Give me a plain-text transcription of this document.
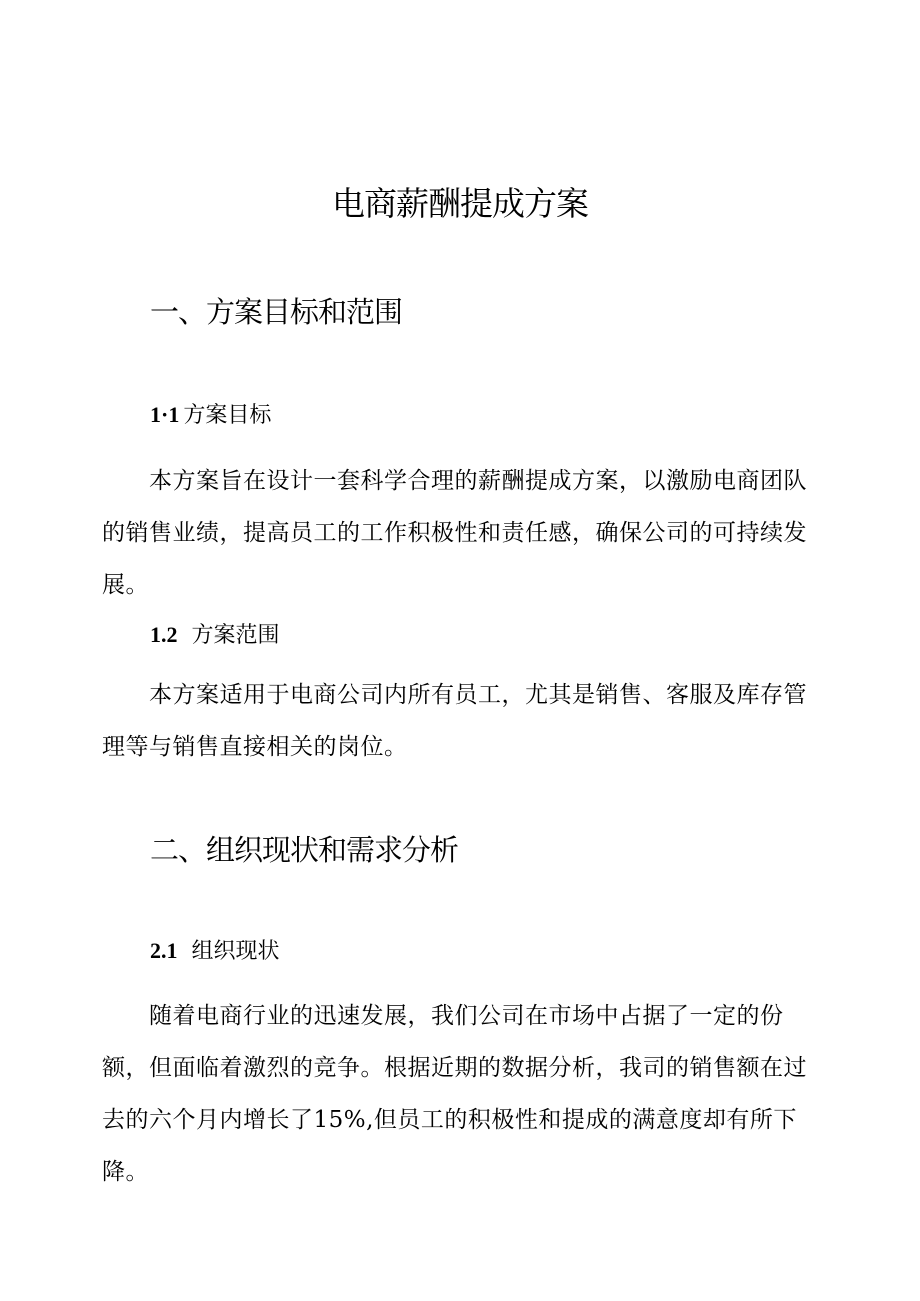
电商薪酬提成方案
一、方案目标和范围
1·1 方案目标

本方案旨在设计一套科学合理的薪酬提成方案，以激励电商团队的销售业绩，提高员工的工作积极性和责任感，确保公司的可持续发展。

1.2 方案范围

本方案适用于电商公司内所有员工，尤其是销售、客服及库存管理等与销售直接相关的岗位。

二、组织现状和需求分析
2.1 组织现状

随着电商行业的迅速发展，我们公司在市场中占据了一定的份额，但面临着激烈的竞争。根据近期的数据分析，我司的销售额在过去的六个月内增长了15%,但员工的积极性和提成的满意度却有所下降。
